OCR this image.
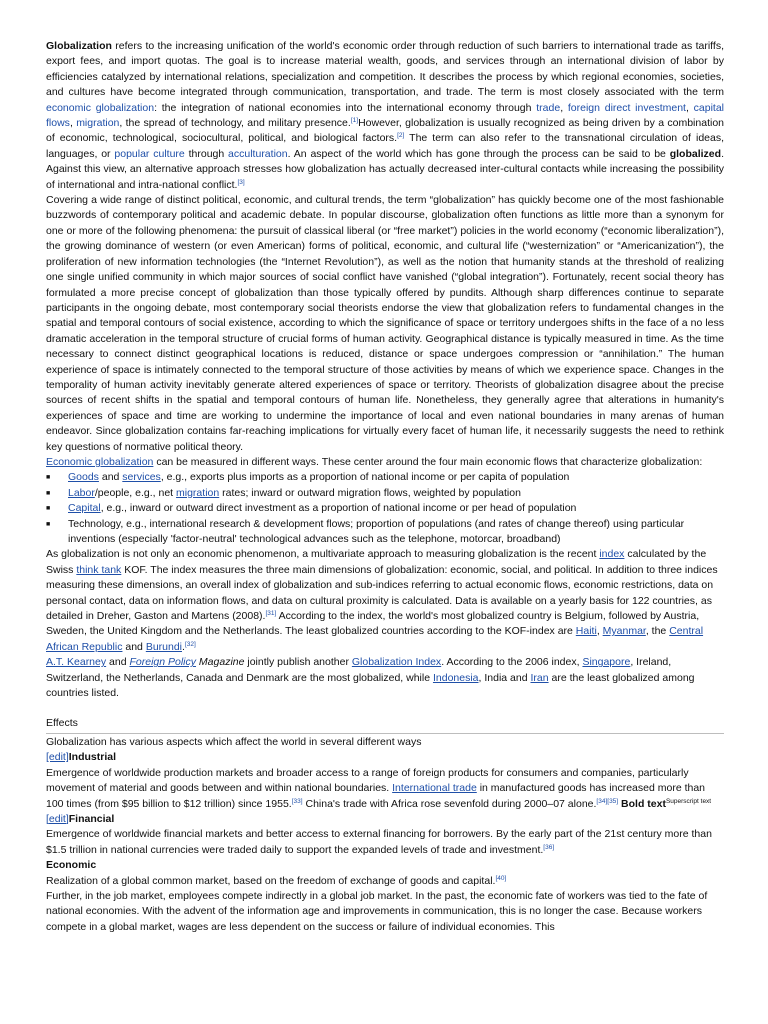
Globalization refers to the increasing unification of the world's economic order through reduction of such barriers to international trade as tariffs, export fees, and import quotas. The goal is to increase material wealth, goods, and services through an international division of labor by efficiencies catalyzed by international relations, specialization and competition. It describes the process by which regional economies, societies, and cultures have become integrated through communication, transportation, and trade. The term is most closely associated with the term economic globalization: the integration of national economies into the international economy through trade, foreign direct investment, capital flows, migration, the spread of technology, and military presence.[1]However, globalization is usually recognized as being driven by a combination of economic, technological, sociocultural, political, and biological factors.[2] The term can also refer to the transnational circulation of ideas, languages, or popular culture through acculturation. An aspect of the world which has gone through the process can be said to be globalized. Against this view, an alternative approach stresses how globalization has actually decreased inter-cultural contacts while increasing the possibility of international and intra-national conflict.[3]

Covering a wide range of distinct political, economic, and cultural trends, the term “globalization” has quickly become one of the most fashionable buzzwords of contemporary political and academic debate. In popular discourse, globalization often functions as little more than a synonym for one or more of the following phenomena: the pursuit of classical liberal (or “free market”) policies in the world economy (“economic liberalization”), the growing dominance of western (or even American) forms of political, economic, and cultural life (“westernization” or “Americanization”), the proliferation of new information technologies (the “Internet Revolution”), as well as the notion that humanity stands at the threshold of realizing one single unified community in which major sources of social conflict have vanished (“global integration”). Fortunately, recent social theory has formulated a more precise concept of globalization than those typically offered by pundits. Although sharp differences continue to separate participants in the ongoing debate, most contemporary social theorists endorse the view that globalization refers to fundamental changes in the spatial and temporal contours of social existence, according to which the significance of space or territory undergoes shifts in the face of a no less dramatic acceleration in the temporal structure of crucial forms of human activity. Geographical distance is typically measured in time. As the time necessary to connect distinct geographical locations is reduced, distance or space undergoes compression or “annihilation.” The human experience of space is intimately connected to the temporal structure of those activities by means of which we experience space. Changes in the temporality of human activity inevitably generate altered experiences of space or territory. Theorists of globalization disagree about the precise sources of recent shifts in the spatial and temporal contours of human life. Nonetheless, they generally agree that alterations in humanity's experiences of space and time are working to undermine the importance of local and even national boundaries in many arenas of human endeavor. Since globalization contains far-reaching implications for virtually every facet of human life, it necessarily suggests the need to rethink key questions of normative political theory.

Economic globalization can be measured in different ways. These center around the four main economic flows that characterize globalization:

■ Goods and services, e.g., exports plus imports as a proportion of national income or per capita of population
■ Labor/people, e.g., net migration rates; inward or outward migration flows, weighted by population
■ Capital, e.g., inward or outward direct investment as a proportion of national income or per head of population
■ Technology, e.g., international research & development flows; proportion of populations (and rates of change thereof) using particular inventions (especially 'factor-neutral' technological advances such as the telephone, motorcar, broadband)

As globalization is not only an economic phenomenon, a multivariate approach to measuring globalization is the recent index calculated by the Swiss think tank KOF. The index measures the three main dimensions of globalization: economic, social, and political. In addition to three indices measuring these dimensions, an overall index of globalization and sub-indices referring to actual economic flows, economic restrictions, data on personal contact, data on information flows, and data on cultural proximity is calculated. Data is available on a yearly basis for 122 countries, as detailed in Dreher, Gaston and Martens (2008).[31] According to the index, the world's most globalized country is Belgium, followed by Austria, Sweden, the United Kingdom and the Netherlands. The least globalized countries according to the KOF-index are Haiti, Myanmar, the Central African Republic and Burundi.[32]

A.T. Kearney and Foreign Policy Magazine jointly publish another Globalization Index. According to the 2006 index, Singapore, Ireland, Switzerland, the Netherlands, Canada and Denmark are the most globalized, while Indonesia, India and Iran are the least globalized among countries listed.

Effects

Globalization has various aspects which affect the world in several different ways

[edit]Industrial

Emergence of worldwide production markets and broader access to a range of foreign products for consumers and companies, particularly movement of material and goods between and within national boundaries. International trade in manufactured goods has increased more than 100 times (from $95 billion to $12 trillion) since 1955.[33] China's trade with Africa rose sevenfold during 2000–07 alone.[34][35] Bold text$^{Superscript text}$

[edit]Financial

Emergence of worldwide financial markets and better access to external financing for borrowers. By the early part of the 21st century more than $1.5 trillion in national currencies were traded daily to support the expanded levels of trade and investment.[36]

Economic

Realization of a global common market, based on the freedom of exchange of goods and capital.[40]

Further, in the job market, employees compete indirectly in a global job market. In the past, the economic fate of workers was tied to the fate of national economies. With the advent of the information age and improvements in communication, this is no longer the case. Because workers compete in a global market, wages are less dependent on the success or failure of individual economies. This
